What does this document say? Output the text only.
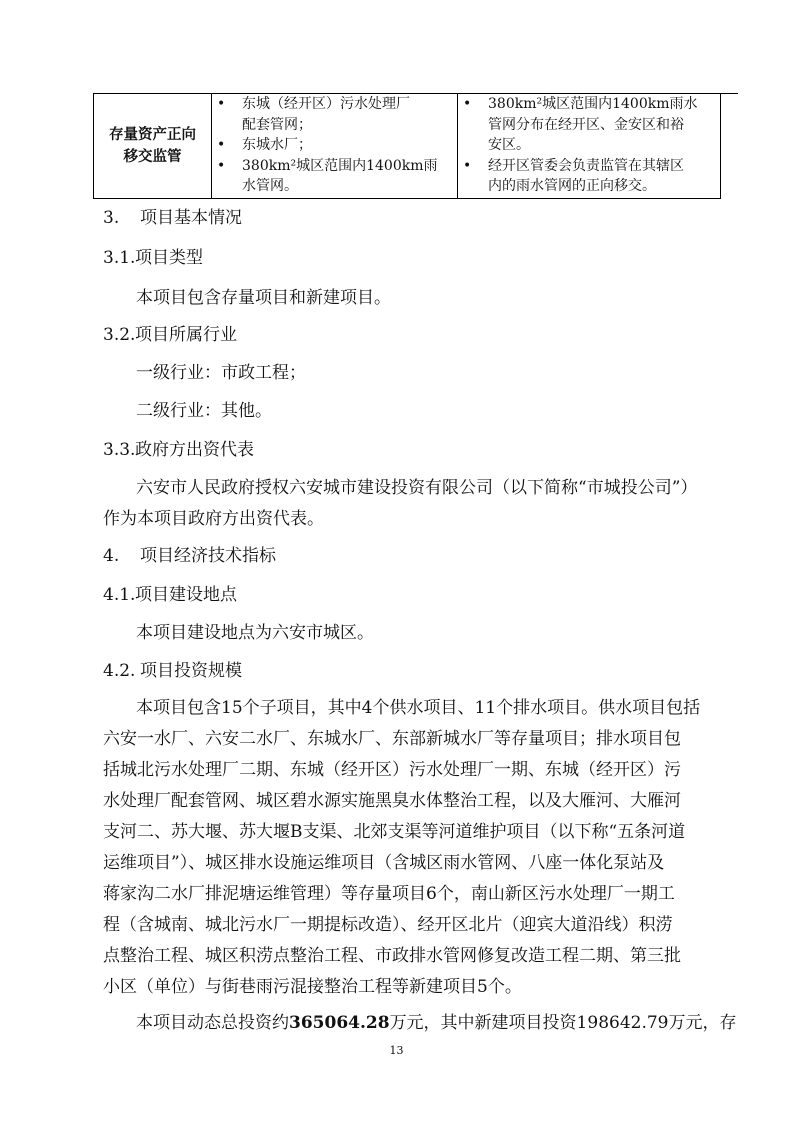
存量资产正向
移交监管

• 东城（经开区）污水处理厂
配套管网；
• 东城水厂；
• 380km²城区范围内1400km雨
水管网。

• 380km²城区范围内1400km雨水
管网分布在经开区、金安区和裕
安区。
• 经开区管委会负责监管在其辖区
内的雨水管网的正向移交。

3. 项目基本情况
3.1.项目类型
本项目包含存量项目和新建项目。
3.2.项目所属行业
一级行业：市政工程；
二级行业：其他。
3.3.政府方出资代表
六安市人民政府授权六安城市建设投资有限公司（以下简称“市城投公司”）
作为本项目政府方出资代表。
4. 项目经济技术指标
4.1.项目建设地点
本项目建设地点为六安市城区。
4.2. 项目投资规模
本项目包含15个子项目，其中4个供水项目、11个排水项目。供水项目包括
六安一水厂、六安二水厂、东城水厂、东部新城水厂等存量项目；排水项目包
括城北污水处理厂二期、东城（经开区）污水处理厂一期、东城（经开区）污
水处理厂配套管网、城区碧水源实施黑臭水体整治工程，以及大雁河、大雁河
支河二、苏大堰、苏大堰B支渠、北郊支渠等河道维护项目（以下称“五条河道
运维项目”）、城区排水设施运维项目（含城区雨水管网、八座一体化泵站及
蒋家沟二水厂排泥塘运维管理）等存量项目6个，南山新区污水处理厂一期工
程（含城南、城北污水厂一期提标改造）、经开区北片（迎宾大道沿线）积涝
点整治工程、城区积涝点整治工程、市政排水管网修复改造工程二期、第三批
小区（单位）与街巷雨污混接整治工程等新建项目5个。
本项目动态总投资约365064.28万元，其中新建项目投资198642.79万元，存
13
